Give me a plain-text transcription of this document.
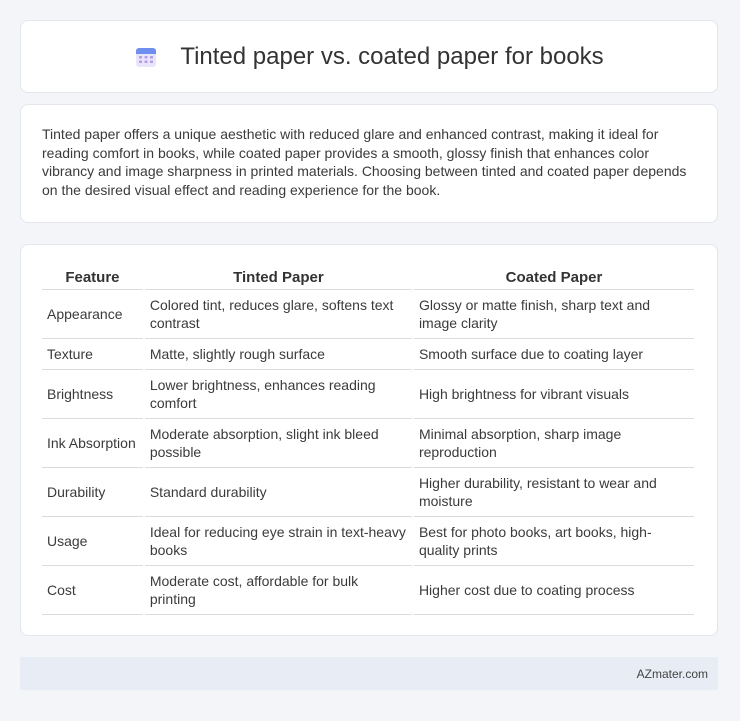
Tinted paper vs. coated paper for books

Tinted paper offers a unique aesthetic with reduced glare and enhanced contrast, making it ideal for reading comfort in books, while coated paper provides a smooth, glossy finish that enhances color vibrancy and image sharpness in printed materials. Choosing between tinted and coated paper depends on the desired visual effect and reading experience for the book.

Feature	Tinted Paper	Coated Paper
Appearance	Colored tint, reduces glare, softens text contrast	Glossy or matte finish, sharp text and image clarity
Texture	Matte, slightly rough surface	Smooth surface due to coating layer
Brightness	Lower brightness, enhances reading comfort	High brightness for vibrant visuals
Ink Absorption	Moderate absorption, slight ink bleed possible	Minimal absorption, sharp image reproduction
Durability	Standard durability	Higher durability, resistant to wear and moisture
Usage	Ideal for reducing eye strain in text-heavy books	Best for photo books, art books, high-quality prints
Cost	Moderate cost, affordable for bulk printing	Higher cost due to coating process
AZmater.com
